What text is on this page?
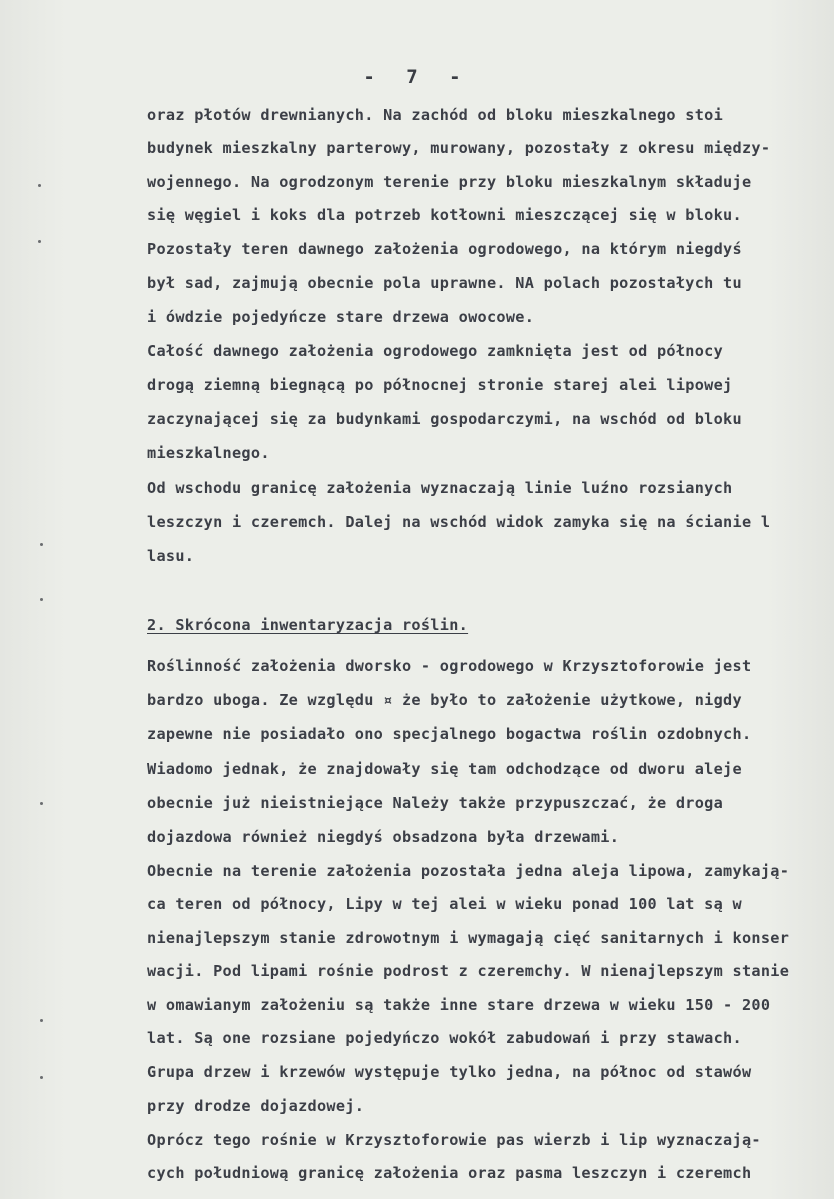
- 7 -
oraz płotów drewnianych. Na zachód od bloku mieszkalnego stoi
budynek mieszkalny parterowy, murowany, pozostały z okresu między-
wojennego. Na ogrodzonym terenie przy bloku mieszkalnym składuje
się węgiel i koks dla potrzeb kotłowni mieszczącej się w bloku.
Pozostały teren dawnego założenia ogrodowego, na którym niegdyś
był sad, zajmują obecnie pola uprawne. NA polach pozostałych tu
i ówdzie pojedyńcze stare drzewa owocowe.
Całość dawnego założenia ogrodowego zamknięta jest od północy
drogą ziemną biegnącą po północnej stronie starej alei lipowej
zaczynającej się za budynkami gospodarczymi, na wschód od bloku
mieszkalnego.
Od wschodu granicę założenia wyznaczają linie luźno rozsianych
leszczyn i czeremch. Dalej na wschód widok zamyka się na ścianie l
lasu.
2. Skrócona inwentaryzacja roślin.
Roślinność założenia dworsko - ogrodowego w Krzysztoforowie jest
bardzo uboga. Ze względu ¤ że było to założenie użytkowe, nigdy
zapewne nie posiadało ono specjalnego bogactwa roślin ozdobnych.
Wiadomo jednak, że znajdowały się tam odchodzące od dworu aleje
obecnie już nieistniejące Należy także przypuszczać, że droga
dojazdowa również niegdyś obsadzona była drzewami.
Obecnie na terenie założenia pozostała jedna aleja lipowa, zamykają-
ca teren od północy, Lipy w tej alei w wieku ponad 100 lat są w
nienajlepszym stanie zdrowotnym i wymagają cięć sanitarnych i konser
wacji. Pod lipami rośnie podrost z czeremchy. W nienajlepszym stanie
w omawianym założeniu są także inne stare drzewa w wieku 150 - 200
lat. Są one rozsiane pojedyńczo wokół zabudowań i przy stawach.
Grupa drzew i krzewów występuje tylko jedna, na północ od stawów
przy drodze dojazdowej.
Oprócz tego rośnie w Krzysztoforowie pas wierzb i lip wyznaczają-
cych południową granicę założenia oraz pasma leszczyn i czeremch
